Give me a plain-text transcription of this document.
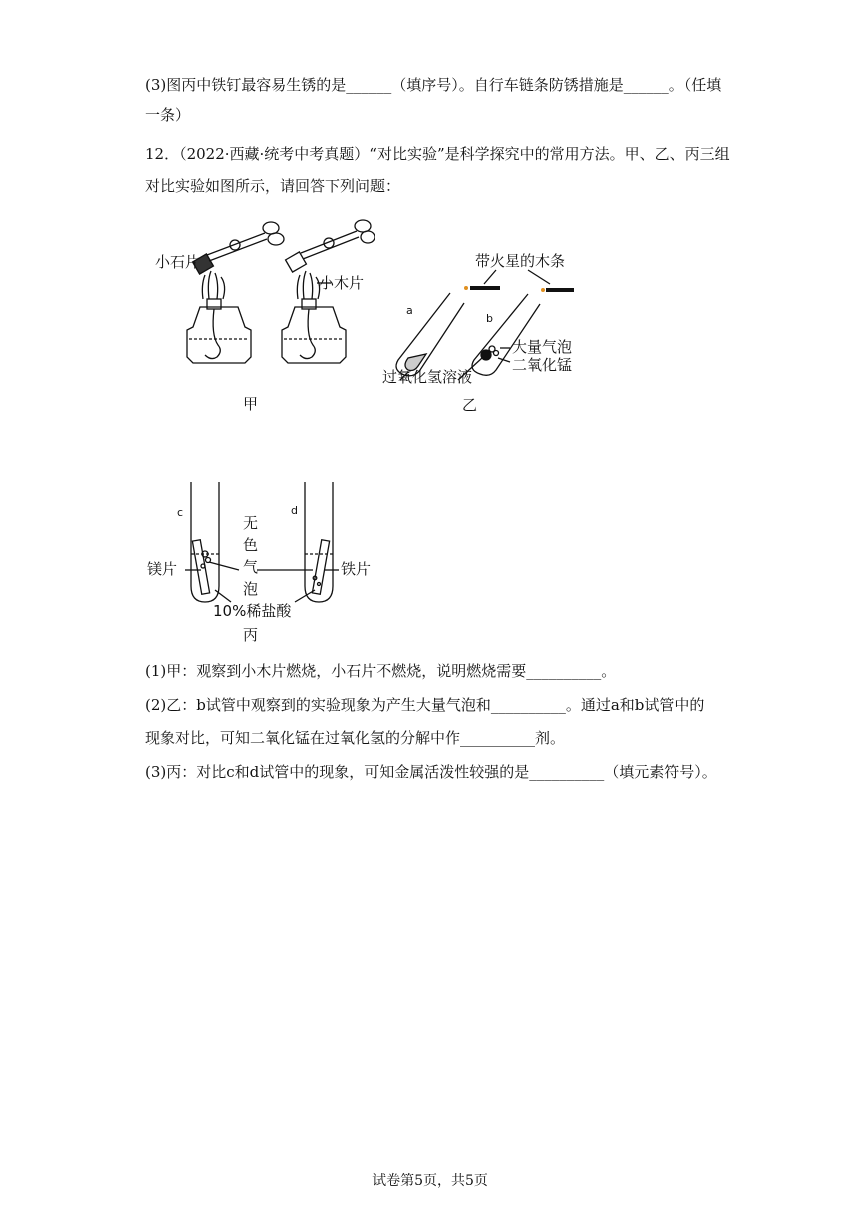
(3)图丙中铁钉最容易生锈的是______（填序号）。自行车链条防锈措施是______。（任填
一条）
12．（2022·西藏·统考中考真题）“对比实验”是科学探究中的常用方法。甲、乙、丙三组
对比实验如图所示，请回答下列问题：
小石片
小木片
甲
带火星的木条
a
b
大量气泡
二氧化锰
过氧化氢溶液
乙
c	d
镁片	铁片
无
色
气
泡
10%稀盐酸
丙
(1)甲：观察到小木片燃烧，小石片不燃烧，说明燃烧需要__________。
(2)乙：b试管中观察到的实验现象为产生大量气泡和__________。通过a和b试管中的
现象对比，可知二氧化锰在过氧化氢的分解中作__________剂。
(3)丙：对比c和d试管中的现象，可知金属活泼性较强的是__________（填元素符号）。
试卷第5页，共5页
